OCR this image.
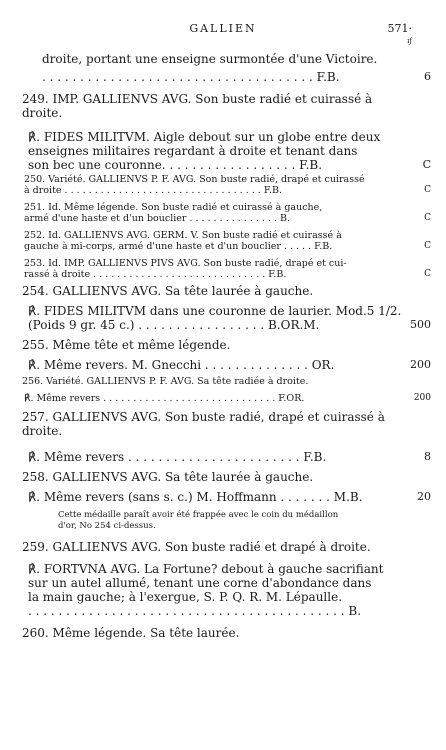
GALLIEN	571·
ıƒ
droite, portant une enseigne surmontée d'une Victoire.
. . . . . . . . . . . . . . . . . . . . . . . . . . . . . . . . . . . . F.B.	6
249. IMP. GALLIENVS AVG. Son buste radié et cuirassé à
droite.
℟. FIDES MILITVM. Aigle debout sur un globe entre deux
enseignes militaires regardant à droite et tenant dans
son bec une couronne. . . . . . . . . . . . . . . . . . F.B.	C
250. Variété. GALLIENVS P. F. AVG. Son buste radié, drapé et cuirassé
à droite . . . . . . . . . . . . . . . . . . . . . . . . . . . . . . . . . F.B.	C
251. Id. Même légende. Son buste radié et cuirassé à gauche,
armé d'une haste et d'un bouclier . . . . . . . . . . . . . . . B.	C
252. Id. GALLIENVS AVG. GERM. V. Son buste radié et cuirassé à
gauche à mi-corps, armé d'une haste et d'un bouclier . . . . . F.B.	C
253. Id. IMP. GALLIENVS PIVS AVG. Son buste radié, drapé et cui-
rassé à droite . . . . . . . . . . . . . . . . . . . . . . . . . . . . . F.B.	C
254. GALLIENVS AVG. Sa tête laurée à gauche.
℟. FIDES MILITVM dans une couronne de laurier. Mod.5 1/2.
(Poids 9 gr. 45 c.) . . . . . . . . . . . . . . . . . B.OR.M.	500
255. Même tête et même légende.
℟. Même revers. M. Gnecchi . . . . . . . . . . . . . . OR.	200
256. Variété. GALLIENVS P. F. AVG. Sa tête radiée à droite.
℟. Même revers . . . . . . . . . . . . . . . . . . . . . . . . . . . . . F.OR.	200
257. GALLIENVS AVG. Son buste radié, drapé et cuirassé à
droite.
℟. Même revers . . . . . . . . . . . . . . . . . . . . . . . F.B.	8
258. GALLIENVS AVG. Sa tête laurée à gauche.
℟. Même revers (sans s. c.) M. Hoffmann . . . . . . . M.B.	20
Cette médaille paraît avoir été frappée avec le coin du médaillon
d'or, No 254 ci-dessus.
259. GALLIENVS AVG. Son buste radié et drapé à droite.
℟. FORTVNA AVG. La Fortune? debout à gauche sacrifiant
sur un autel allumé, tenant une corne d'abondance dans
la main gauche; à l'exergue, S. P. Q. R. M. Lépaulle.
. . . . . . . . . . . . . . . . . . . . . . . . . . . . . . . . . . . . . . . . . . B.
260. Même légende. Sa tête laurée.
